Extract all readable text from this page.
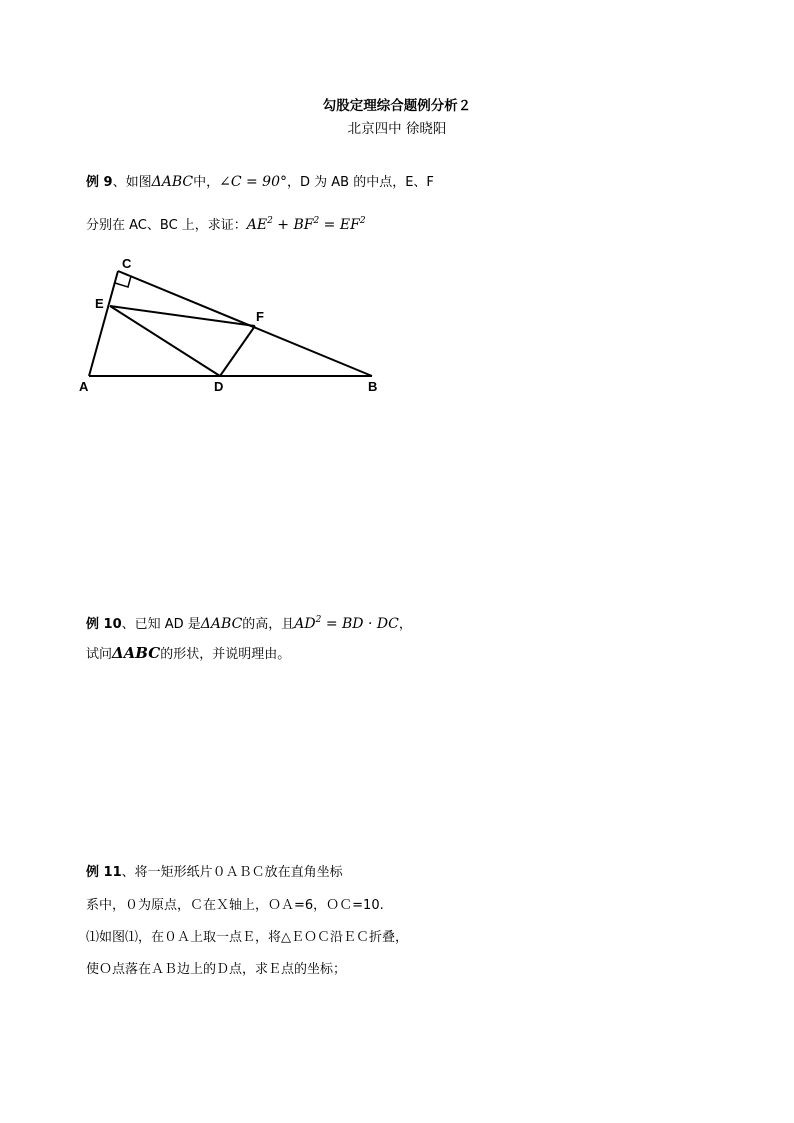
勾股定理综合题例分析２
北京四中 徐晓阳
例 9、如图ΔABC中，∠C = 90°，D 为 AB 的中点，E、F
分别在 AC、BC 上，求证：$AE^2 + BF^2 = EF^2$
C
E
F
A	D	B
例 10、已知 AD 是ΔABC的高，且$AD^2$ = BD · DC，
试问ΔABC的形状，并说明理由。
例 11、将一矩形纸片０ＡＢＣ放在直角坐标
系中，０为原点，Ｃ在Ｘ轴上，ＯＡ=6，ＯＣ=10.
⑴如图⑴，在０Ａ上取一点Ｅ，将△ＥＯＣ沿ＥＣ折叠，
使Ｏ点落在ＡＢ边上的Ｄ点，求Ｅ点的坐标；
